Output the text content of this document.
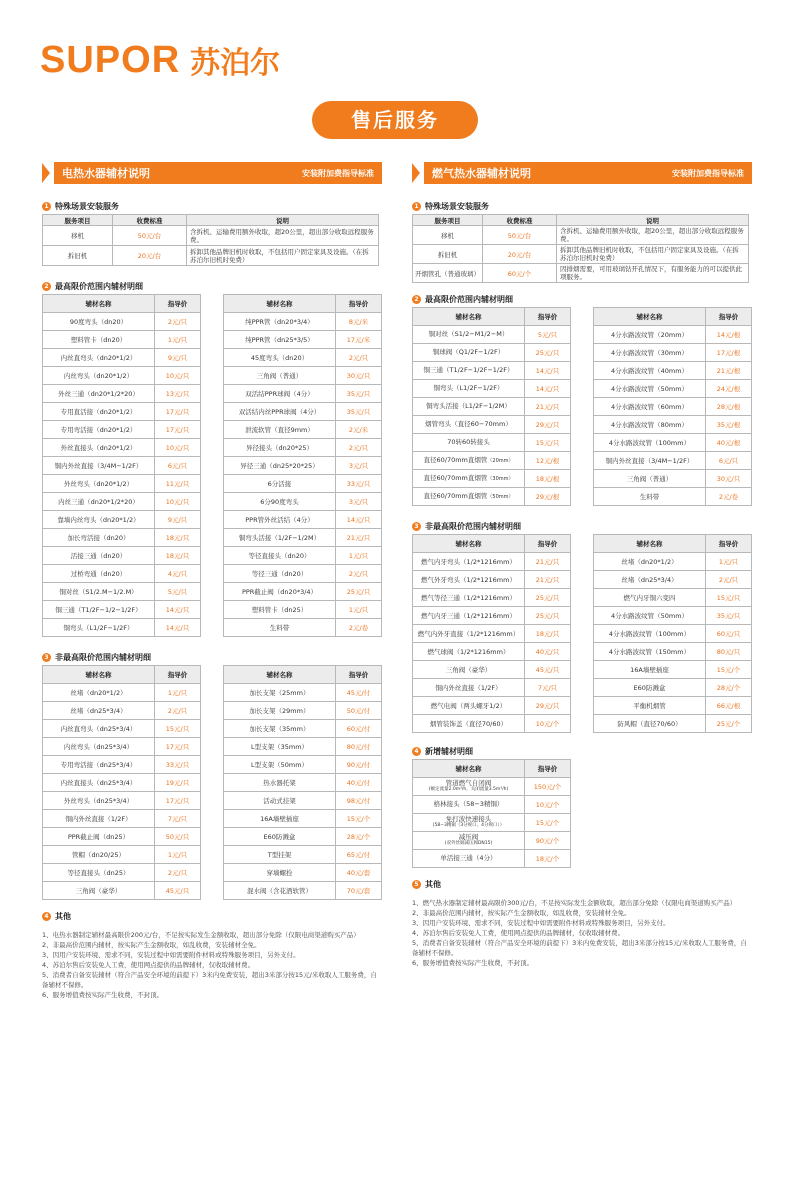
SUPOR 苏泊尔
售后服务
电热水器辅材说明	安装附加费指导标准
1 特殊场景安装服务
服务项目	收费标准	说明
移机	50元/台	含拆机、运输费用额外收取，超20公里，超出部分收取远程服务费。
拆旧机	20元/台	拆卸其他品牌旧机时收取，不包括用户固定家具及设施。（在拆苏泊尔旧机时免费）
2 最高限价范围内辅材明细
辅材名称	指导价
90度弯头（dn20）	2元/只
塑料管卡（dn20）	1元/只
内丝直弯头（dn20*1/2）	9元/只
内丝弯头（dn20*1/2）	10元/只
外丝三通（dn20*1/2*20）	13元/只
专用直活接（dn20*1/2）	17元/只
专用弯活接（dn20*1/2）	17元/只
外丝直接头（dn20*1/2）	10元/只
铜内外丝直接（3/4M−1/2F）	6元/只
外丝弯头（dn20*1/2）	11元/只
内丝三通（dn20*1/2*20）	10元/只
靠墙内丝弯头（dn20*1/2）	9元/只
加长弯活接（dn20）	18元/只
活接三通（dn20）	18元/只
过桥弯通（dn20）	4元/只
铜对丝（S1/2.M−1/2.M）	5元/只
铜三通（T1/2F−1/2−1/2F）	14元/只
铜弯头（L1/2F−1/2F）	14元/只
辅材名称	指导价
纯PPR管（dn20*3/4）	8元/米
纯PPR管（dn25*3/5）	17元/米
45度弯头（dn20）	2元/只
三角阀（普通）	30元/只
双活结PPR球阀（4分）	35元/只
双活结内丝PPR球阀（4分）	35元/只
泄流软管（直径9mm）	2元/米
异径接头（dn20*25）	2元/只
异径三通（dn25*20*25）	3元/只
6分活接	33元/只
6分90度弯头	3元/只
PPR管外丝活结（4分）	14元/只
铜弯头活接（1/2F−1/2M）	21元/只
等径直接头（dn20）	1元/只
等径三通（dn20）	2元/只
PPR截止阀（dn20*3/4）	25元/只
塑料管卡（dn25）	1元/只
生料带	2元/卷
3 非最高限价范围内辅材明细
辅材名称	指导价
丝堵（dn20*1/2）	1元/只
丝堵（dn25*3/4）	2元/只
内丝直弯头（dn25*3/4）	15元/只
内丝弯头（dn25*3/4）	17元/只
专用弯活接（dn25*3/4）	33元/只
内丝直接头（dn25*3/4）	19元/只
外丝弯头（dn25*3/4）	17元/只
铜内外丝直接（1/2F）	7元/只
PPR截止阀（dn25）	50元/只
管帽（dn20/25）	1元/只
等径直接头（dn25）	2元/只
三角阀（豪华）	45元/只
辅材名称	指导价
加长支架（25mm）	45元/付
加长支架（29mm）	50元/付
加长支架（35mm）	60元/付
L型支架（35mm）	80元/付
L型支架（50mm）	90元/付
热水器托架	40元/付
活动式挂架	98元/付
16A墙壁插座	15元/个
E60防溅盒	28元/个
T型挂架	65元/付
穿墙螺拴	40元/套
混水阀（含花洒软管）	70元/套
4 其他

1、电热水器制定辅材最高限价200元/台，不足按实际发生金额收取，超出部分免除（仅限电商渠道购买产品）

2、非最高价范围内辅材，按实际产生金额收取，如乱收费，安装辅材全免。

3、因用户安装环境、需求不同，安装过程中如需要附件材料或特殊服务项目，另外支付。

4、苏泊尔售后安装免人工费，使用网点提供的品牌辅材，仅收取辅材费。

5、消费者自备安装辅材（符合产品安全环境的前提下）3米内免费安装，超出3米部分按15元/米收取人工服务费，自备辅材不保修。

6、服务增值费按实际产生收费，不封顶。

燃气热水器辅材说明	安装附加费指导标准
1 特殊场景安装服务
服务项目	收费标准	说明
移机	50元/台	含拆机、运输费用额外收取，超20公里，超出部分收取远程服务费。
拆旧机	20元/台	拆卸其他品牌旧机时收取，不包括用户固定家具及设施。（在拆苏泊尔旧机时免费）
开烟管孔（普通玻璃）	60元/个	因排烟需要，可用玻璃钻开孔情况下，有服务能力的可以提供此项服务。
2 最高限价范围内辅材明细
辅材名称	指导价
铜对丝（S1/2−M1/2−M）	5元/只
铜球阀（Q1/2F−1/2F）	25元/只
铜三通（T1/2F−1/2F−1/2F）	14元/只
铜弯头（L1/2F−1/2F）	14元/只
铜弯头活接（L1/2F−1/2M）	21元/只
烟管弯头（直径60−70mm）	29元/只
70转60转接头	15元/只
直径60/70mm直烟管（20mm）	12元/根
直径60/70mm直烟管（30mm）	18元/根
直径60/70mm直烟管（50mm）	29元/根
辅材名称	指导价
4分水路波纹管（20mm）	14元/根
4分水路波纹管（30mm）	17元/根
4分水路波纹管（40mm）	21元/根
4分水路波纹管（50mm）	24元/根
4分水路波纹管（60mm）	28元/根
4分水路波纹管（80mm）	35元/根
4分水路波纹管（100mm）	40元/根
铜内外丝直接（3/4M−1/2F）	6元/只
三角阀（普通）	30元/只
生料带	2元/卷
3 非最高限价范围内辅材明细
辅材名称	指导价
燃气内牙弯头（1/2*1216mm）	21元/只
燃气外牙弯头（1/2*1216mm）	21元/只
燃气等径三通（1/2*1216mm）	25元/只
燃气内牙三通（1/2*1216mm）	25元/只
燃气内外牙直接（1/2*1216mm）	18元/只
燃气球阀（1/2*1216mm）	40元/只
三角阀（豪华）	45元/只
铜内外丝直接（1/2F）	7元/只
燃气电阀（两头螺牙1/2）	29元/只
烟管装饰盖（直径70/60）	10元/个
辅材名称	指导价
丝堵（dn20*1/2）	1元/只
丝堵（dn25*3/4）	2元/只
燃气内牙铜六变四	15元/只
4分水路波纹管（50mm）	35元/只
4分水路波纹管（100mm）	60元/只
4分水路波纹管（150mm）	80元/只
16A墙壁插座	15元/个
E60防溅盒	28元/个
平衡机烟管	66元/根
防风帽（直径70/60）	25元/个
4 新增辅材明细
辅材名称	指导价
管道燃气自闭阀
(额定流量2.0m³/h，关闭流量3.5m³/h)	150元/个
格林接头（58−3精铜）	10元/个
免打波快速接头
(58−3精铜（3分规口、4分规口））	15元/个
减压阀
(双外丝铜减压阀DN15)	90元/个
单活接三通（4分）	18元/个
5 其他

1、燃气热水器制定辅材最高限价300元/台，不足按实际发生金额收取，超出部分免除（仅限电商渠道购买产品）

2、非最高价范围内辅材，按实际产生金额收取，如乱收费，安装辅材全免。

3、因用户安装环境、需求不同，安装过程中如需要附件材料或特殊服务项目，另外支付。

4、苏泊尔售后安装免人工费，使用网点提供的品牌辅材，仅收取辅材费。

5、消费者自备安装辅材（符合产品安全环境的前提下）3米内免费安装，超出3米部分按15元/米收取人工服务费，自备辅材不保修。

6、服务增值费按实际产生收费，不封顶。
